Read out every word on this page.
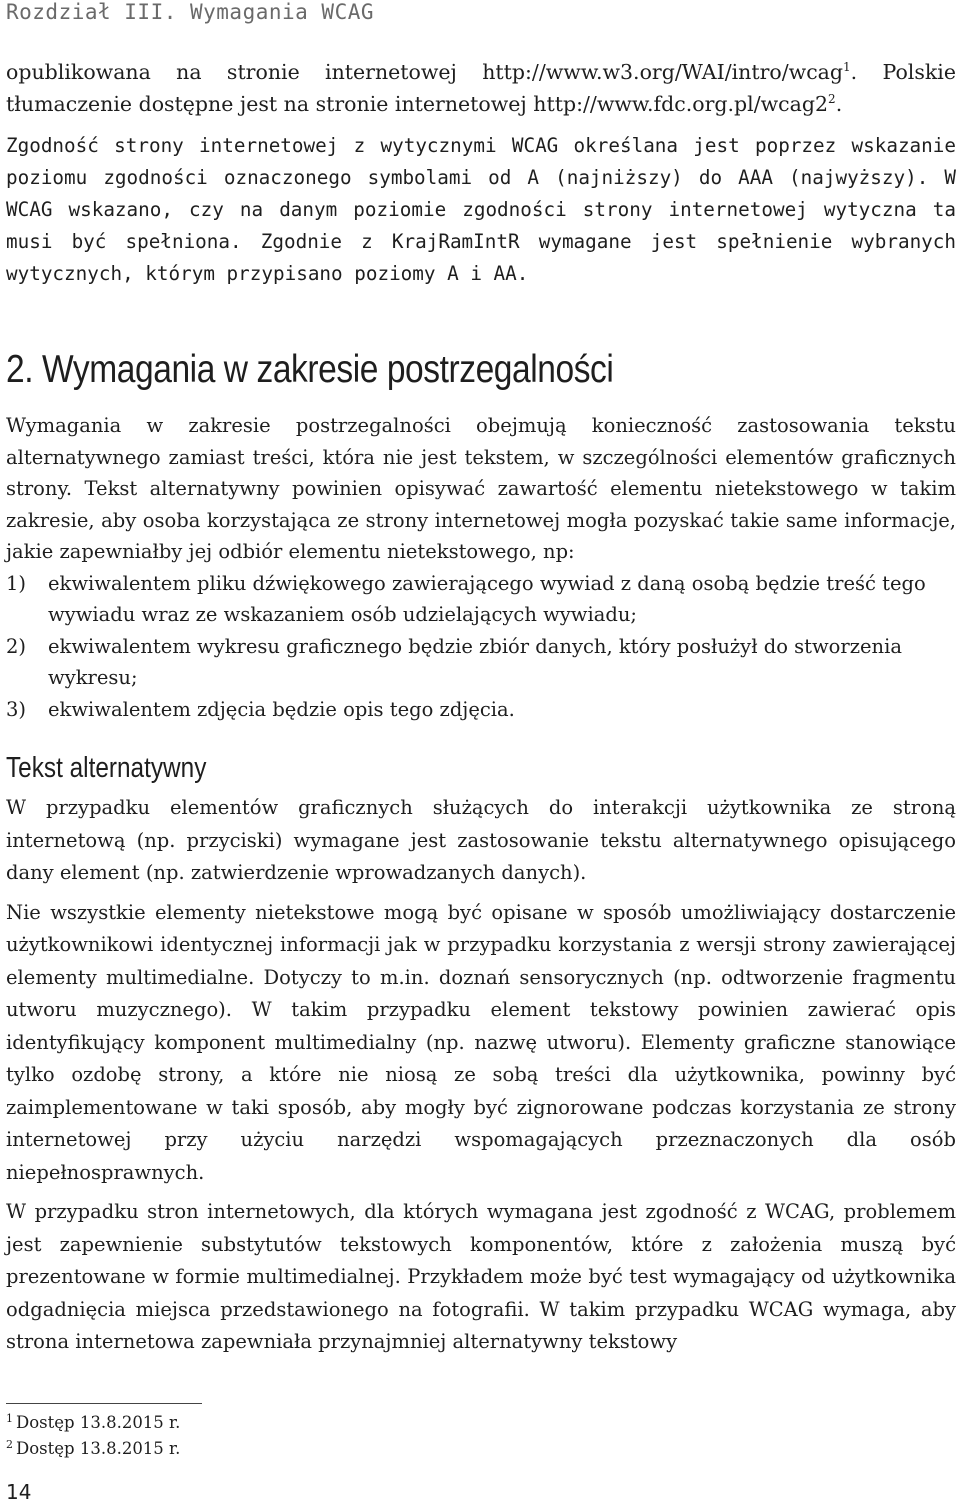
Rozdział III. Wymagania WCAG

opublikowana na stronie internetowej http://www.w3.org/WAI/intro/wcag$^1$. Polskie tłumaczenie dostępne jest na stronie internetowej $http://www.fdc.org.pl/wcag2^2$.

Zgodność strony internetowej z wytycznymi WCAG określana jest poprzez wskazanie poziomu zgodności oznaczonego symbolami od A (najniższy) do AAA (najwyższy). W WCAG wskazano, czy na danym poziomie zgodności strony internetowej wytyczna ta musi być spełniona. Zgodnie z KrajRamIntR wymagane jest spełnienie wybranych wytycznych, którym przypisano poziomy A i AA.

2. Wymagania w zakresie postrzegalności

Wymagania w zakresie postrzegalności obejmują konieczność zastosowania tekstu alternatywnego zamiast treści, która nie jest tekstem, w szczególności elementów graficznych strony. Tekst alternatywny powinien opisywać zawartość elementu nietekstowego w takim zakresie, aby osoba korzystająca ze strony internetowej mogła pozyskać takie same informacje, jakie zapewniałby jej odbiór elementu nietekstowego, np:

1) ekwiwalentem pliku dźwiękowego zawierającego wywiad z daną osobą będzie treść tego wywiadu wraz ze wskazaniem osób udzielających wywiadu;
2) ekwiwalentem wykresu graficznego będzie zbiór danych, który posłużył do stworzenia wykresu;
3) ekwiwalentem zdjęcia będzie opis tego zdjęcia.
Tekst alternatywny

W przypadku elementów graficznych służących do interakcji użytkownika ze stroną internetową (np. przyciski) wymagane jest zastosowanie tekstu alternatywnego opisującego dany element (np. zatwierdzenie wprowadzanych danych).

Nie wszystkie elementy nietekstowe mogą być opisane w sposób umożliwiający dostarczenie użytkownikowi identycznej informacji jak w przypadku korzystania z wersji strony zawierającej elementy multimedialne. Dotyczy to m.in. doznań sensorycznych (np. odtworzenie fragmentu utworu muzycznego). W takim przypadku element tekstowy powinien zawierać opis identyfikujący komponent multimedialny (np. nazwę utworu). Elementy graficzne stanowiące tylko ozdobę strony, a które nie niosą ze sobą treści dla użytkownika, powinny być zaimplementowane w taki sposób, aby mogły być zignorowane podczas korzystania ze strony internetowej przy użyciu narzędzi wspomagających przeznaczonych dla osób niepełnosprawnych.

W przypadku stron internetowych, dla których wymagana jest zgodność z WCAG, problemem jest zapewnienie substytutów tekstowych komponentów, które z założenia muszą być prezentowane w formie multimedialnej. Przykładem może być test wymagający od użytkownika odgadnięcia miejsca przedstawionego na fotografii. W takim przypadku WCAG wymaga, aby strona internetowa zapewniała przynajmniej alternatywny tekstowy

$^1$ Dostęp 13.8.2015 r.
$^2$ Dostęp 13.8.2015 r.
14
